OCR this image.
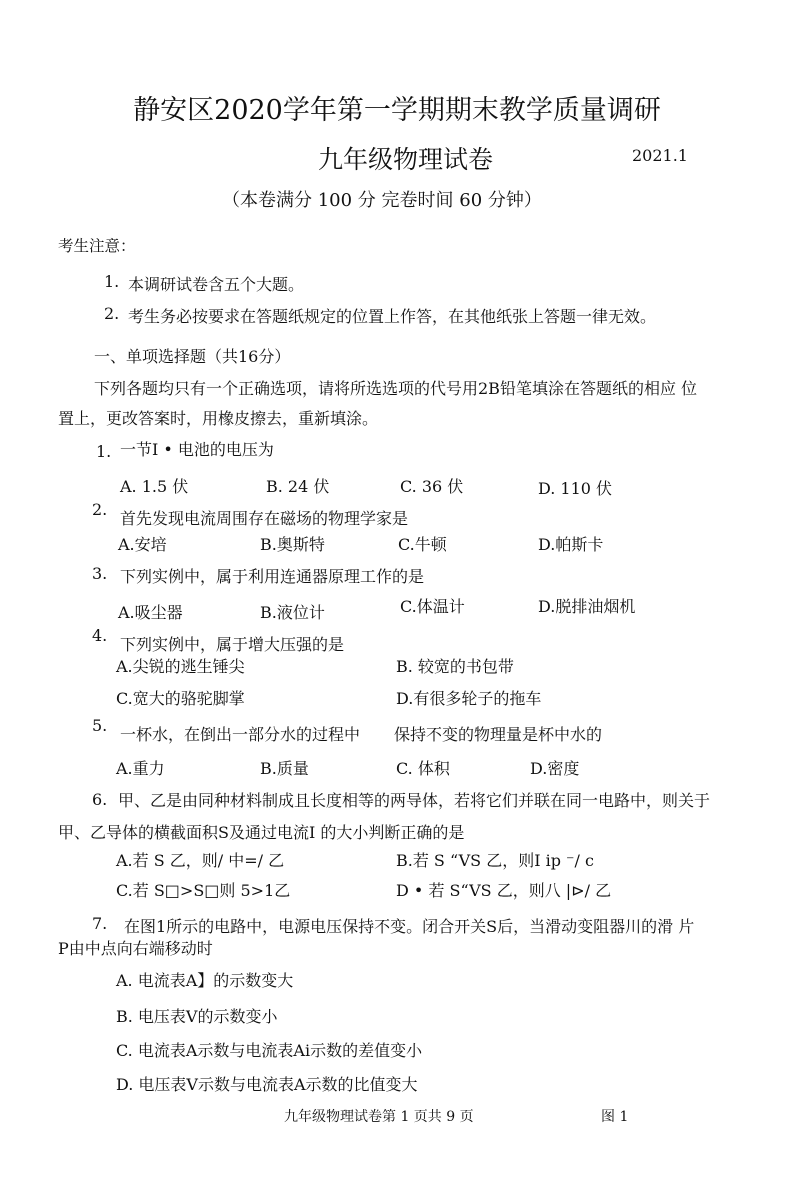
静安区2020学年第一学期期末教学质量调研
九年级物理试卷	2021.1
（本卷满分 100 分 完卷时间 60 分钟）
考生注意：
1. 本调研试卷含五个大题。
2. 考生务必按要求在答题纸规定的位置上作答，在其他纸张上答题一律无效。
一、单项选择题（共16分）
下列各题均只有一个正确选项，请将所选选项的代号用2B铅笔填涂在答题纸的相应 位
置上，更改答案时，用橡皮擦去，重新填涂。
1. 一节I • 电池的电压为
A. 1.5 伏	B. 24 伏	C. 36 伏	D. 110 伏
2. 首先发现电流周围存在磁场的物理学家是
A.安培	B.奥斯特	C.牛顿	D.帕斯卡
3. 下列实例中，属于利用连通器原理工作的是
A.吸尘器	B.液位计	C.体温计	D.脱排油烟机
4. 下列实例中，属于增大压强的是
A.尖锐的逃生锤尖	B. 较宽的书包带
C.宽大的骆驼脚掌	D.有很多轮子的拖车
5. 一杯水，在倒出一部分水的过程中 保持不变的物理量是杯中水的
A.重力	B.质量	C. 体积	D.密度
6. 甲、乙是由同种材料制成且长度相等的两导体，若将它们并联在同一电路中，则关于
甲、乙导体的横截面积S及通过电流I 的大小判断正确的是
A.若 S 乙，则/ 中=/ 乙	B.若 S “VS 乙，则I ip ⁻/ c
C.若 S□>S□则 5>1乙	D • 若 S“VS 乙，则八 |⊳/ 乙
7. 在图1所示的电路中，电源电压保持不变。闭合开关S后，当滑动变阻器川的滑 片
P由中点向右端移动时
A. 电流表A】的示数变大
B. 电压表V的示数变小
C. 电流表A示数与电流表Ai示数的差值变小
D. 电压表V示数与电流表A示数的比值变大
九年级物理试卷第 1 页共 9 页	图 1
